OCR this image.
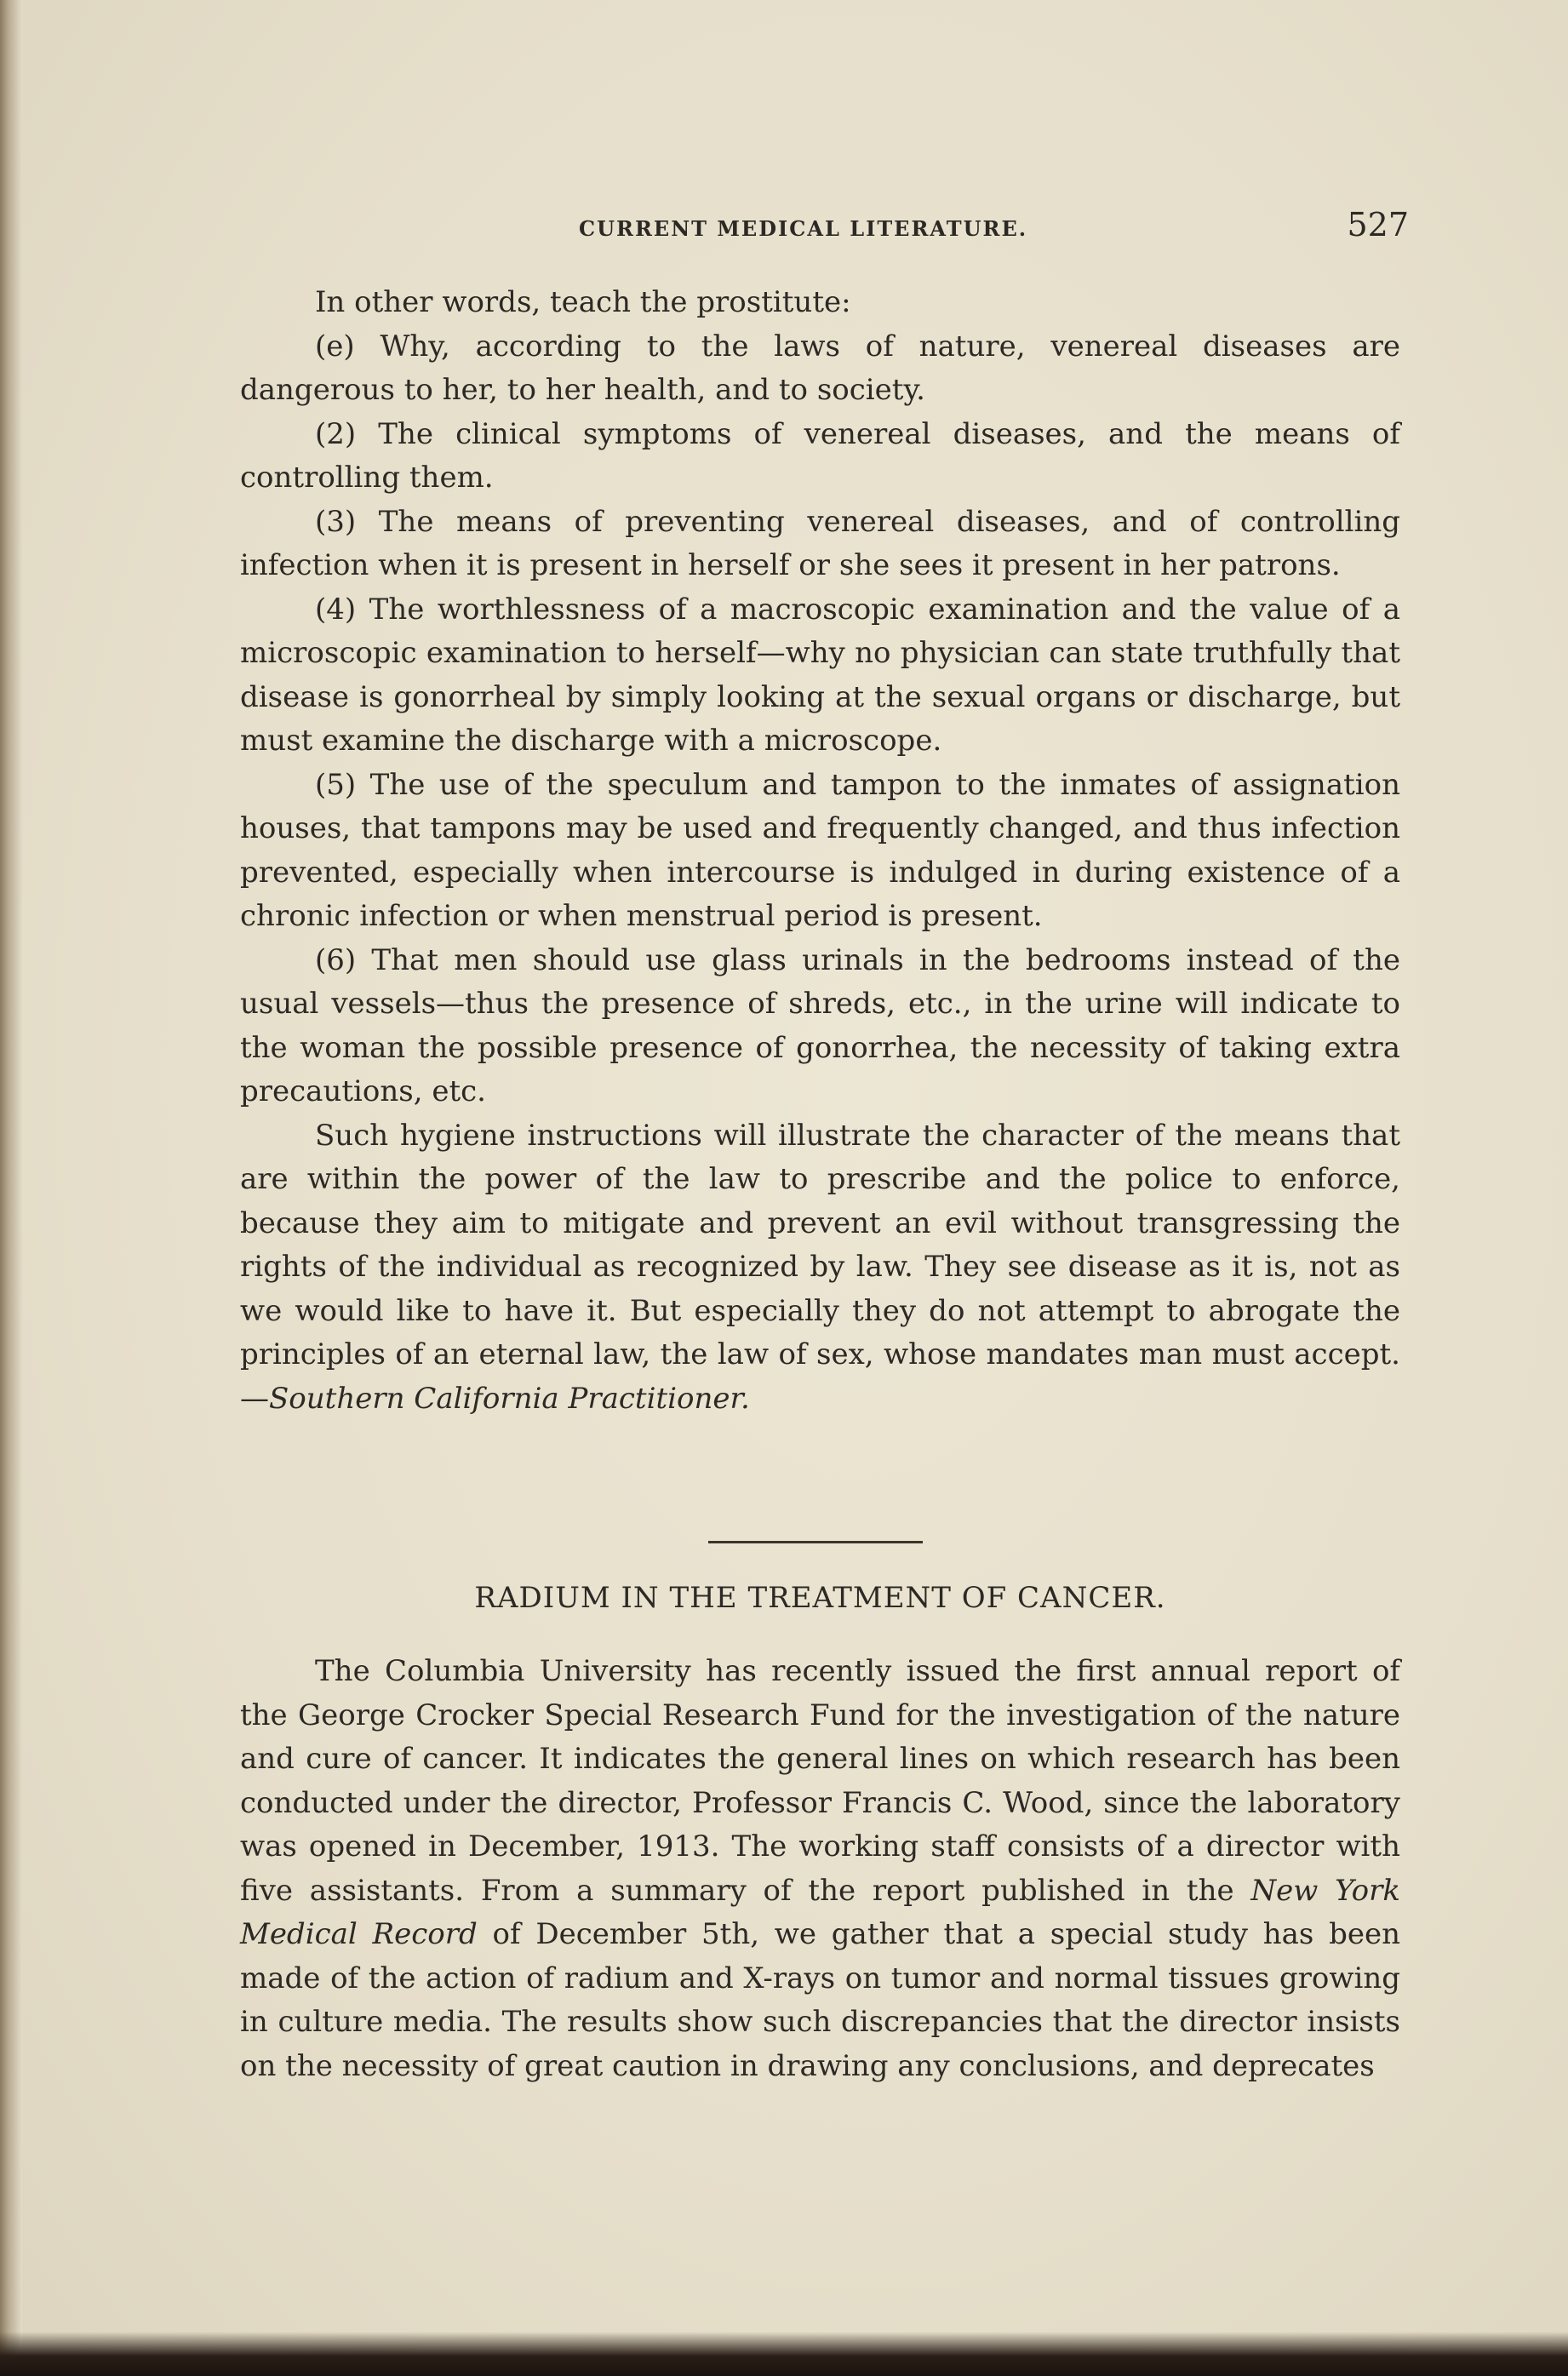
CURRENT MEDICAL LITERATURE.	527

In other words, teach the prostitute:

(e) Why, according to the laws of nature, venereal diseases are dangerous to her, to her health, and to society.

(2) The clinical symptoms of venereal diseases, and the means of controlling them.

(3) The means of preventing venereal diseases, and of controlling infection when it is present in herself or she sees it present in her patrons.

(4) The worthlessness of a macroscopic examination and the value of a microscopic examination to herself—why no physician can state truthfully that disease is gonorrheal by simply looking at the sexual organs or discharge, but must examine the discharge with a microscope.

(5) The use of the speculum and tampon to the inmates of assignation houses, that tampons may be used and frequently changed, and thus infection prevented, especially when intercourse is indulged in during existence of a chronic infection or when menstrual period is present.

(6) That men should use glass urinals in the bedrooms instead of the usual vessels—thus the presence of shreds, etc., in the urine will indicate to the woman the possible presence of gonorrhea, the necessity of taking extra precautions, etc.

Such hygiene instructions will illustrate the character of the means that are within the power of the law to prescribe and the police to enforce, because they aim to mitigate and prevent an evil without transgressing the rights of the individual as recognized by law. They see disease as it is, not as we would like to have it. But especially they do not attempt to abrogate the principles of an eternal law, the law of sex, whose mandates man must accept.—Southern California Practitioner.

RADIUM IN THE TREATMENT OF CANCER.

The Columbia University has recently issued the first annual report of the George Crocker Special Research Fund for the investigation of the nature and cure of cancer. It indicates the general lines on which research has been conducted under the director, Professor Francis C. Wood, since the laboratory was opened in December, 1913. The working staff consists of a director with five assistants. From a summary of the report published in the New York Medical Record of December 5th, we gather that a special study has been made of the action of radium and X-rays on tumor and normal tissues growing in culture media. The results show such discrepancies that the director insists on the necessity of great caution in drawing any conclusions, and deprecates
